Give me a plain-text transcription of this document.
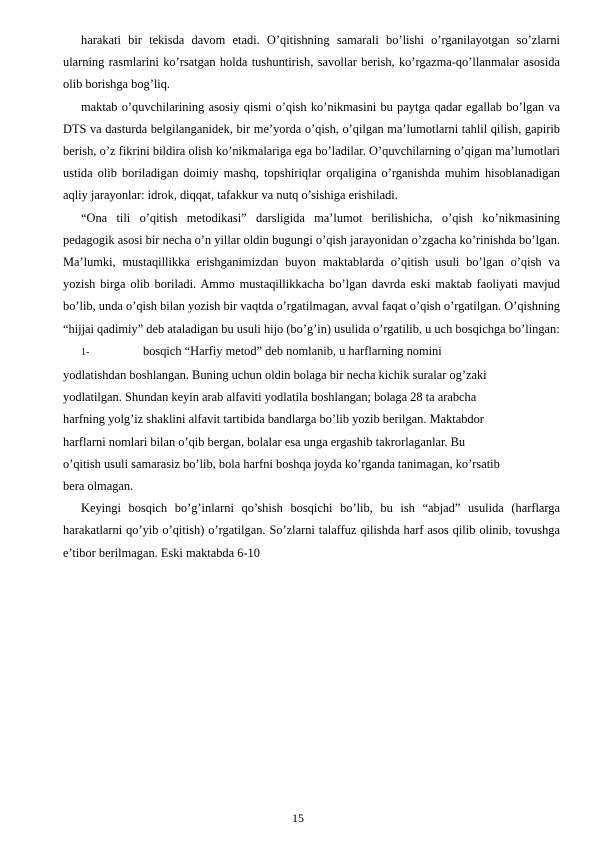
harakati bir tekisda davom etadi. O’qitishning samarali bo’lishi o’rganilayotgan so’zlarni ularning rasmlarini ko’rsatgan holda tushuntirish, savollar berish, ko’rgazma-qo’llanmalar asosida olib borishga bog’liq.

maktab o’quvchilarining asosiy qismi o’qish ko’nikmasini bu paytga qadar egallab bo’lgan va DTS va dasturda belgilanganidek, bir me’yorda o’qish, o’qilgan ma’lumotlarni tahlil qilish, gapirib berish, o’z fikrini bildira olish ko’nikmalariga ega bo’ladilar. O’quvchilarning o’qigan ma’lumotlari ustida olib boriladigan doimiy mashq, topshiriqlar orqaligina o’rganishda muhim hisoblanadigan aqliy jarayonlar: idrok, diqqat, tafakkur va nutq o’sishiga erishiladi.

“Ona tili o’qitish metodikasi” darsligida ma’lumot berilishicha, o’qish ko’nikmasining pedagogik asosi bir necha o’n yillar oldin bugungi o’qish jarayonidan o’zgacha ko’rinishda bo’lgan. Ma’lumki, mustaqillikka erishganimizdan buyon maktablarda o’qitish usuli bo’lgan o’qish va yozish birga olib boriladi. Ammo mustaqillikkacha bo’lgan davrda eski maktab faoliyati mavjud bo’lib, unda o’qish bilan yozish bir vaqtda o’rgatilmagan, avval faqat o’qish o’rgatilgan. O’qishning “hijjai qadimiy” deb ataladigan bu usuli hijo (bo’g’in) usulida o’rgatilib, u uch bosqichga bo’lingan:

1-	bosqich “Harfiy metod” deb nomlanib, u harflarning nomini

yodlatishdan boshlangan. Buning uchun oldin bolaga bir necha kichik suralar og’zaki

yodlatilgan. Shundan keyin arab alfaviti yodlatila boshlangan; bolaga 28 ta arabcha

harfning yolg’iz shaklini alfavit tartibida bandlarga bo’lib yozib berilgan. Maktabdor

harflarni nomlari bilan o’qib bergan, bolalar esa unga ergashib takrorlaganlar. Bu

o’qitish usuli samarasiz bo’lib, bola harfni boshqa joyda ko’rganda tanimagan, ko’rsatib

bera olmagan.

Keyingi bosqich bo’g’inlarni qo’shish bosqichi bo’lib, bu ish “abjad” usulida (harflarga harakatlarni qo’yib o’qitish) o’rgatilgan. So’zlarni talaffuz qilishda harf asos qilib olinib, tovushga e’tibor berilmagan. Eski maktabda 6-10

15
